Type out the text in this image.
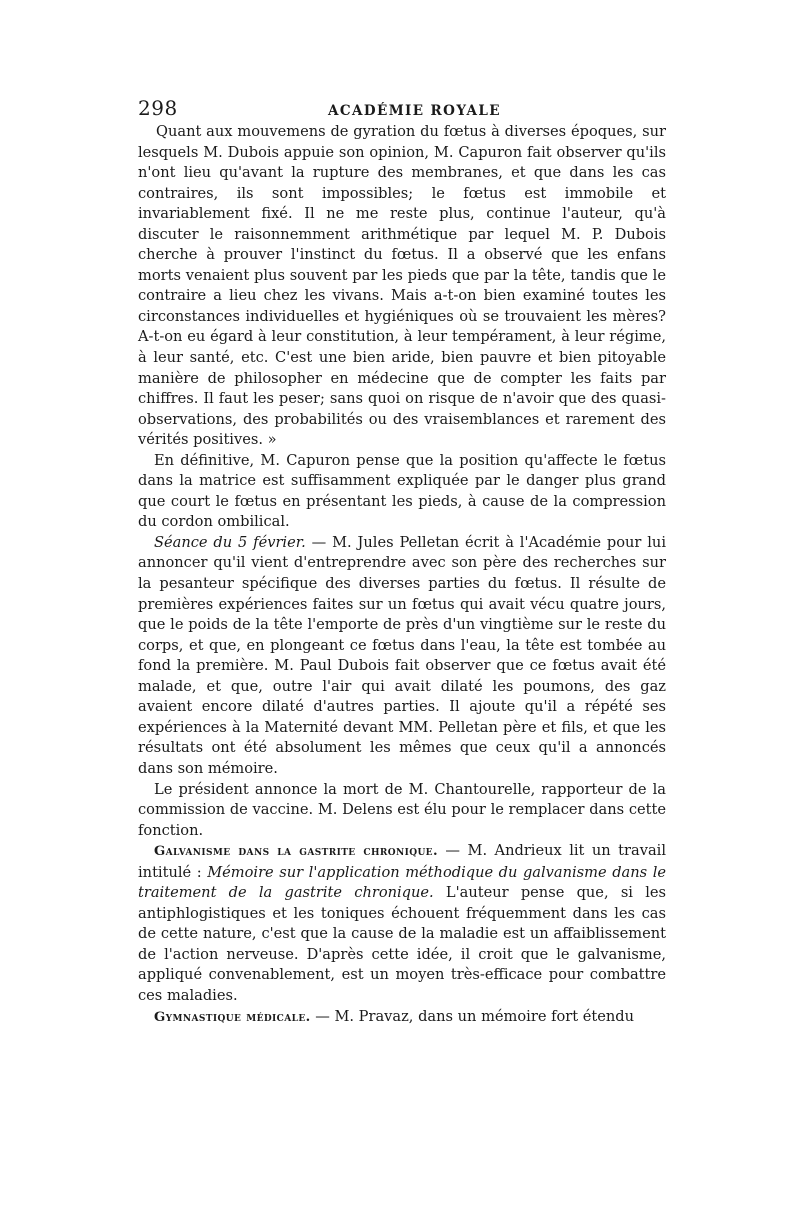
298	ACADÉMIE ROYALE

Quant aux mouvemens de gyration du fœtus à diverses époques, sur lesquels M. Dubois appuie son opinion, M. Capuron fait observer qu'ils n'ont lieu qu'avant la rupture des membranes, et que dans les cas contraires, ils sont impossibles; le fœtus est immobile et invariablement fixé. Il ne me reste plus, continue l'auteur, qu'à discuter le raisonnemment arithmétique par lequel M. P. Dubois cherche à prouver l'instinct du fœtus. Il a observé que les enfans morts venaient plus souvent par les pieds que par la tête, tandis que le contraire a lieu chez les vivans. Mais a-t-on bien examiné toutes les circonstances individuelles et hygiéniques où se trouvaient les mères? A-t-on eu égard à leur constitution, à leur tempérament, à leur régime, à leur santé, etc. C'est une bien aride, bien pauvre et bien pitoyable manière de philosopher en médecine que de compter les faits par chiffres. Il faut les peser; sans quoi on risque de n'avoir que des quasi-observations, des probabilités ou des vraisemblances et rarement des vérités positives. »

En définitive, M. Capuron pense que la position qu'affecte le fœtus dans la matrice est suffisamment expliquée par le danger plus grand que court le fœtus en présentant les pieds, à cause de la compression du cordon ombilical.

Séance du 5 février. — M. Jules Pelletan écrit à l'Académie pour lui annoncer qu'il vient d'entreprendre avec son père des recherches sur la pesanteur spécifique des diverses parties du fœtus. Il résulte de premières expériences faites sur un fœtus qui avait vécu quatre jours, que le poids de la tête l'emporte de près d'un vingtième sur le reste du corps, et que, en plongeant ce fœtus dans l'eau, la tête est tombée au fond la première. M. Paul Dubois fait observer que ce fœtus avait été malade, et que, outre l'air qui avait dilaté les poumons, des gaz avaient encore dilaté d'autres parties. Il ajoute qu'il a répété ses expériences à la Maternité devant MM. Pelletan père et fils, et que les résultats ont été absolument les mêmes que ceux qu'il a annoncés dans son mémoire.

Le président annonce la mort de M. Chantourelle, rapporteur de la commission de vaccine. M. Delens est élu pour le remplacer dans cette fonction.

Galvanisme dans la gastrite chronique. — M. Andrieux lit un travail intitulé : Mémoire sur l'application méthodique du galvanisme dans le traitement de la gastrite chronique. L'auteur pense que, si les antiphlogistiques et les toniques échouent fréquemment dans les cas de cette nature, c'est que la cause de la maladie est un affaiblissement de l'action nerveuse. D'après cette idée, il croit que le galvanisme, appliqué convenablement, est un moyen très-efficace pour combattre ces maladies.

Gymnastique médicale. — M. Pravaz, dans un mémoire fort étendu
